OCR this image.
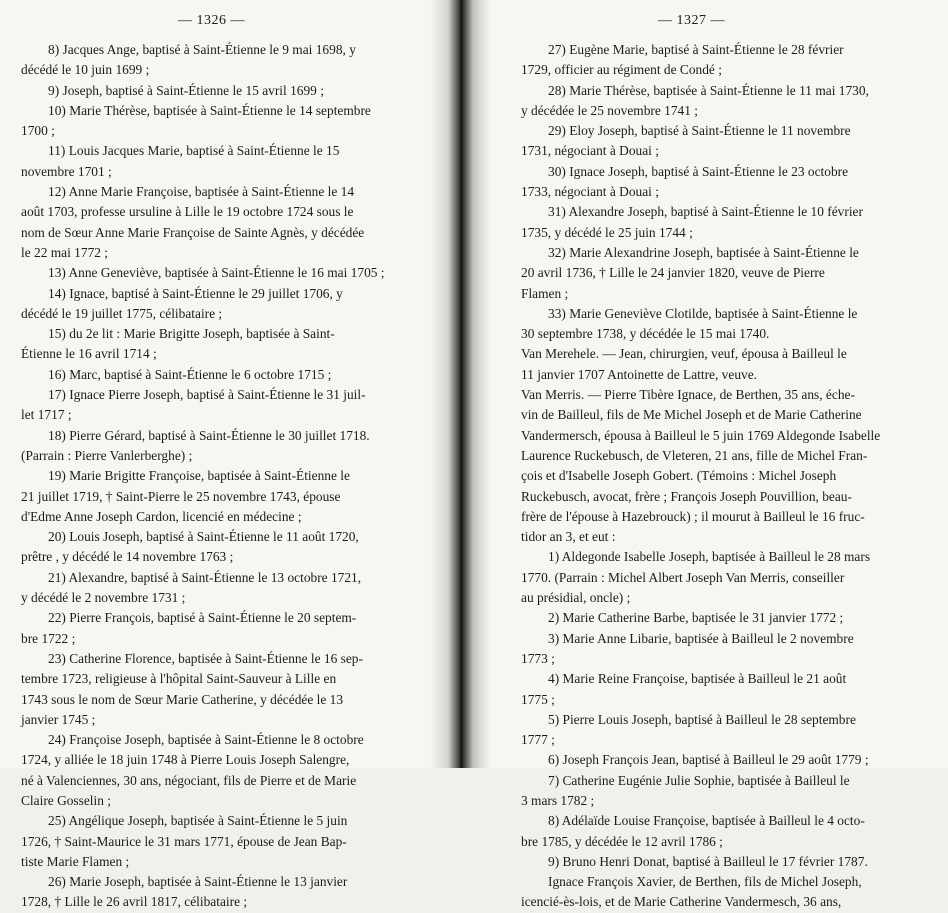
— 1326 —
8) Jacques Ange, baptisé à Saint-Étienne le 9 mai 1698, y
décédé le 10 juin 1699 ;
9) Joseph, baptisé à Saint-Étienne le 15 avril 1699 ;
10) Marie Thérèse, baptisée à Saint-Étienne le 14 septembre
1700 ;
11) Louis Jacques Marie, baptisé à Saint-Étienne le 15
novembre 1701 ;
12) Anne Marie Françoise, baptisée à Saint-Étienne le 14
août 1703, professe ursuline à Lille le 19 octobre 1724 sous le
nom de Sœur Anne Marie Françoise de Sainte Agnès, y décédée
le 22 mai 1772 ;
13) Anne Geneviève, baptisée à Saint-Étienne le 16 mai 1705 ;
14) Ignace, baptisé à Saint-Étienne le 29 juillet 1706, y
décédé le 19 juillet 1775, célibataire ;
15) du 2e lit : Marie Brigitte Joseph, baptisée à Saint-
Étienne le 16 avril 1714 ;
16) Marc, baptisé à Saint-Étienne le 6 octobre 1715 ;
17) Ignace Pierre Joseph, baptisé à Saint-Étienne le 31 juil-
let 1717 ;
18) Pierre Gérard, baptisé à Saint-Étienne le 30 juillet 1718.
(Parrain : Pierre Vanlerberghe) ;
19) Marie Brigitte Françoise, baptisée à Saint-Étienne le
21 juillet 1719, † Saint-Pierre le 25 novembre 1743, épouse
d'Edme Anne Joseph Cardon, licencié en médecine ;
20) Louis Joseph, baptisé à Saint-Étienne le 11 août 1720,
prêtre , y décédé le 14 novembre 1763 ;
21) Alexandre, baptisé à Saint-Étienne le 13 octobre 1721,
y décédé le 2 novembre 1731 ;
22) Pierre François, baptisé à Saint-Étienne le 20 septem-
bre 1722 ;
23) Catherine Florence, baptisée à Saint-Étienne le 16 sep-
tembre 1723, religieuse à l'hôpital Saint-Sauveur à Lille en
1743 sous le nom de Sœur Marie Catherine, y décédée le 13
janvier 1745 ;
24) Françoise Joseph, baptisée à Saint-Étienne le 8 octobre
1724, y alliée le 18 juin 1748 à Pierre Louis Joseph Salengre,
né à Valenciennes, 30 ans, négociant, fils de Pierre et de Marie
Claire Gosselin ;
25) Angélique Joseph, baptisée à Saint-Étienne le 5 juin
1726, † Saint-Maurice le 31 mars 1771, épouse de Jean Bap-
tiste Marie Flamen ;
26) Marie Joseph, baptisée à Saint-Étienne le 13 janvier
1728, † Lille le 26 avril 1817, célibataire ;
— 1327 —
27) Eugène Marie, baptisé à Saint-Étienne le 28 février
1729, officier au régiment de Condé ;
28) Marie Thérèse, baptisée à Saint-Étienne le 11 mai 1730,
y décédée le 25 novembre 1741 ;
29) Eloy Joseph, baptisé à Saint-Étienne le 11 novembre
1731, négociant à Douai ;
30) Ignace Joseph, baptisé à Saint-Étienne le 23 octobre
1733, négociant à Douai ;
31) Alexandre Joseph, baptisé à Saint-Étienne le 10 février
1735, y décédé le 25 juin 1744 ;
32) Marie Alexandrine Joseph, baptisée à Saint-Étienne le
20 avril 1736, † Lille le 24 janvier 1820, veuve de Pierre
Flamen ;
33) Marie Geneviève Clotilde, baptisée à Saint-Étienne le
30 septembre 1738, y décédée le 15 mai 1740.
Van Merehele. — Jean, chirurgien, veuf, épousa à Bailleul le
11 janvier 1707 Antoinette de Lattre, veuve.
Van Merris. — Pierre Tibère Ignace, de Berthen, 35 ans, éche-
vin de Bailleul, fils de Me Michel Joseph et de Marie Catherine
Vandermersch, épousa à Bailleul le 5 juin 1769 Aldegonde Isabelle
Laurence Ruckebusch, de Vleteren, 21 ans, fille de Michel Fran-
çois et d'Isabelle Joseph Gobert. (Témoins : Michel Joseph
Ruckebusch, avocat, frère ; François Joseph Pouvillion, beau-
frère de l'épouse à Hazebrouck) ; il mourut à Bailleul le 16 fruc-
tidor an 3, et eut :
1) Aldegonde Isabelle Joseph, baptisée à Bailleul le 28 mars
1770. (Parrain : Michel Albert Joseph Van Merris, conseiller
au présidial, oncle) ;
2) Marie Catherine Barbe, baptisée le 31 janvier 1772 ;
3) Marie Anne Libarie, baptisée à Bailleul le 2 novembre
1773 ;
4) Marie Reine Françoise, baptisée à Bailleul le 21 août
1775 ;
5) Pierre Louis Joseph, baptisé à Bailleul le 28 septembre
1777 ;
6) Joseph François Jean, baptisé à Bailleul le 29 août 1779 ;
7) Catherine Eugénie Julie Sophie, baptisée à Bailleul le
3 mars 1782 ;
8) Adélaïde Louise Françoise, baptisée à Bailleul le 4 octo-
bre 1785, y décédée le 12 avril 1786 ;
9) Bruno Henri Donat, baptisé à Bailleul le 17 février 1787.
Ignace François Xavier, de Berthen, fils de Michel Joseph,
icencié-ès-lois, et de Marie Catherine Vandermesch, 36 ans,
